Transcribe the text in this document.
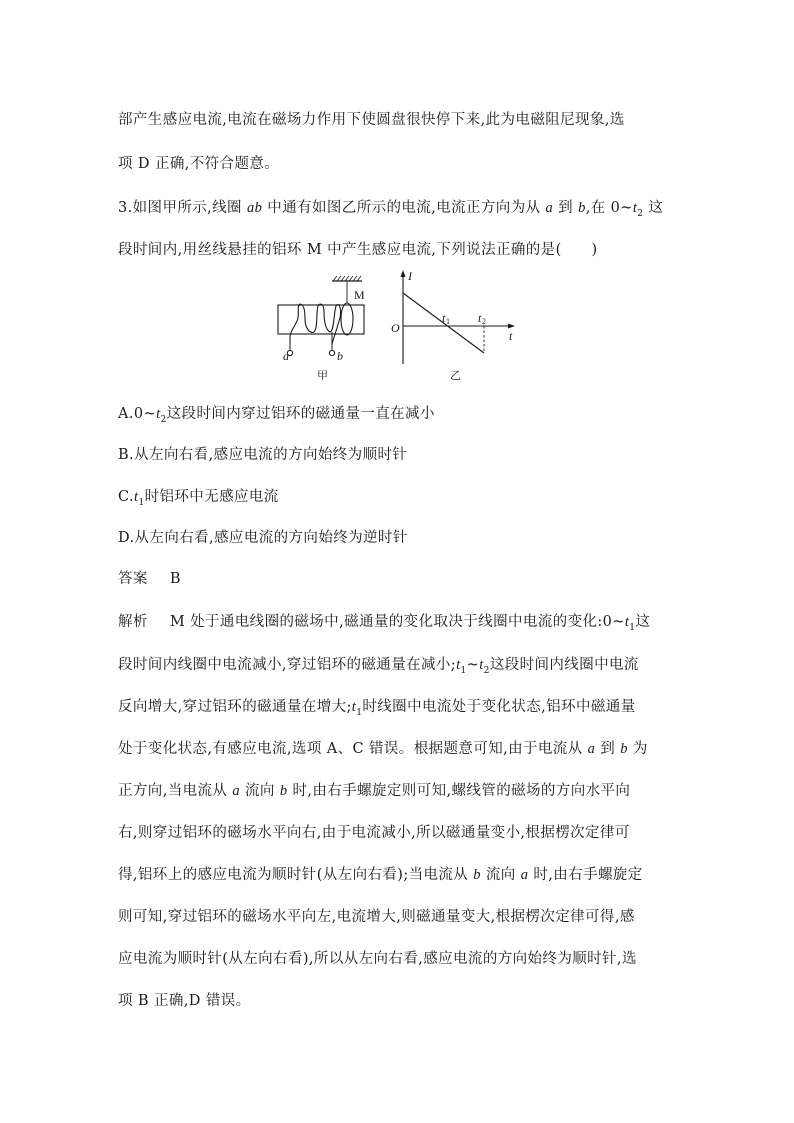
部产生感应电流,电流在磁场力作用下使圆盘很快停下来,此为电磁阻尼现象,选
项 D 正确,不符合题意。
3.如图甲所示,线圈 ab 中通有如图乙所示的电流,电流正方向为从 a 到 b,在 $0\sim t_2$ 这
段时间内,用丝线悬挂的铝环 M 中产生感应电流,下列说法正确的是(　　)
a	b
M
甲
I
t
O
t 1 t 2
乙
$A.0\sim t_2$这段时间内穿过铝环的磁通量一直在减小
B.从左向右看,感应电流的方向始终为顺时针
$C.t_1$时铝环中无感应电流
D.从左向右看,感应电流的方向始终为逆时针
答案 B
解析 M 处于通电线圈的磁场中,磁通量的变化取决于线圈中电流的变化$:0\sim t_1$这
段时间内线圈中电流减小,穿过铝环的磁通量在减小$;t_1\sim t_2$这段时间内线圈中电流
反向增大,穿过铝环的磁通量在增大$;t_1$时线圈中电流处于变化状态,铝环中磁通量
处于变化状态,有感应电流,选项 A、C 错误。根据题意可知,由于电流从 a 到 b 为
正方向,当电流从 a 流向 b 时,由右手螺旋定则可知,螺线管的磁场的方向水平向
右,则穿过铝环的磁场水平向右,由于电流减小,所以磁通量变小,根据楞次定律可
得,铝环上的感应电流为顺时针(从左向右看);当电流从 b 流向 a 时,由右手螺旋定
则可知,穿过铝环的磁场水平向左,电流增大,则磁通量变大,根据楞次定律可得,感
应电流为顺时针(从左向右看),所以从左向右看,感应电流的方向始终为顺时针,选
项 B 正确,D 错误。
